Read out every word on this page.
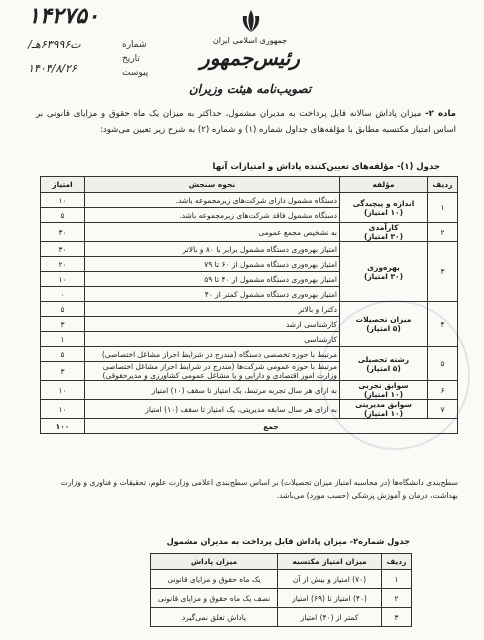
۱۴۲۷۵۰
/ت۶۳۹۹۶هـ
۱۴۰۴/۸/۲۶
شماره
تاریخ
پیوست
جمهوری اسلامی ایران
رئیس‌جمهور
تصویب‌نامه هیئت وزیران
ماده ۲- میزان پاداش سالانه قابل پرداخت به مدیران مشمول، حداکثر به میزان یک ماه حقوق و مزایای قانونی بر اساس امتیاز مکتسبه مطابق با مؤلفه‌های جداول شماره (۱) و شماره (۲) به شرح زیر تعیین می‌شود:
جدول (۱)- مؤلفه‌های تعیین‌کننده پاداش و امتیازات آنها
ردیف	مؤلفه	نحوه سنجش	امتیاز
۱	اندازه و پیچیدگی
(۱۰ امتیاز)	دستگاه مشمول دارای شرکت‌های زیرمجموعه باشد.	۱۰
		دستگاه مشمول فاقد شرکت‌های زیرمجموعه باشد.	۵
۲	کارآمدی
(۳۰ امتیاز)	به تشخیص مجمع عمومی	۳۰
۳	بهره‌وری
(۳۰ امتیاز)	امتیاز بهره‌وری دستگاه مشمول برابر با ۸۰ و بالاتر	۳۰
		امتیاز بهره‌وری دستگاه مشمول از ۶۰ تا ۷۹	۲۰
		امتیاز بهره‌وری دستگاه مشمول از ۴۰ تا ۵۹	۱۰
		امتیاز بهره‌وری دستگاه مشمول کمتر از ۴۰	۰
۴	میزان تحصیلات
(۵ امتیاز)	دکترا و بالاتر	۵
		کارشناسی ارشد	۳
		کارشناسی	۱
۵	رشته تحصیلی
(۵ امتیاز)	مرتبط با حوزه تخصصی دستگاه (مندرج در شرایط احراز مشاغل اختصاصی)	۵
		مرتبط با حوزه عمومی شرکت‌ها (مندرج در شرایط احراز مشاغل اختصاصی وزارت امور اقتصادی و دارایی و یا مشاغل عمومی کشاورزی و مدیرحقوقی)	۳
۶	سوابق تجربی
(۱۰ امتیاز)	به ازای هر سال تجربه مرتبط، یک امتیاز تا سقف (۱۰) امتیاز	۱۰
۷	سوابق مدیریتی
(۱۰ امتیاز)	به ازای هر سال سابقه مدیریتی، یک امتیاز تا سقف (۱۰) امتیاز	۱۰
جمع			۱۰۰
سطح‌بندی دانشگاه‌ها (در محاسبه امتیاز میزان تحصیلات) بر اساس سطح‌بندی اعلامی وزارت علوم، تحقیقات و فناوری و وزارت بهداشت، درمان و آموزش پزشکی (حسب مورد) می‌باشد.
جدول شماره۲- میزان پاداش قابل پرداخت به مدیران مشمول
ردیف	میزان امتیاز مکتسبه	میزان پاداش
۱	(۷۰) امتیاز و بیش از آن	یک ماه حقوق و مزایای قانونی
۲	(۴۰) امتیاز تا (۶۹) امتیاز	نصف یک ماه حقوق و مزایای قانونی
۳	کمتر از (۴۰) امتیاز	پاداش تعلق نمی‌گیرد
